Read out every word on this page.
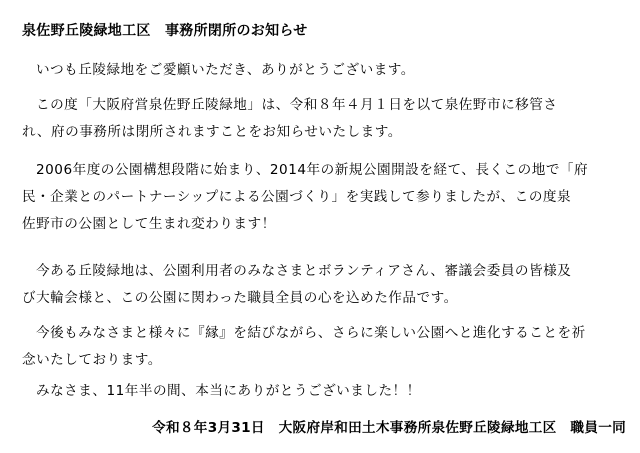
泉佐野丘陵緑地工区　事務所閉所のお知らせ
いつも丘陵緑地をご愛顧いただき、ありがとうございます。
この度「大阪府営泉佐野丘陵緑地」は、令和８年４月１日を以て泉佐野市に移管さ
れ、府の事務所は閉所されますことをお知らせいたします。
2006年度の公園構想段階に始まり、2014年の新規公園開設を経て、長くこの地で「府
民・企業とのパートナーシップによる公園づくり」を実践して参りましたが、この度泉
佐野市の公園として生まれ変わります！
今ある丘陵緑地は、公園利用者のみなさまとボランティアさん、審議会委員の皆様及
び大輪会様と、この公園に関わった職員全員の心を込めた作品です。
今後もみなさまと様々に『縁』を結びながら、さらに楽しい公園へと進化することを祈
念いたしております。
みなさま、11年半の間、本当にありがとうございました！！
令和８年3月31日　大阪府岸和田土木事務所泉佐野丘陵緑地工区　職員一同
